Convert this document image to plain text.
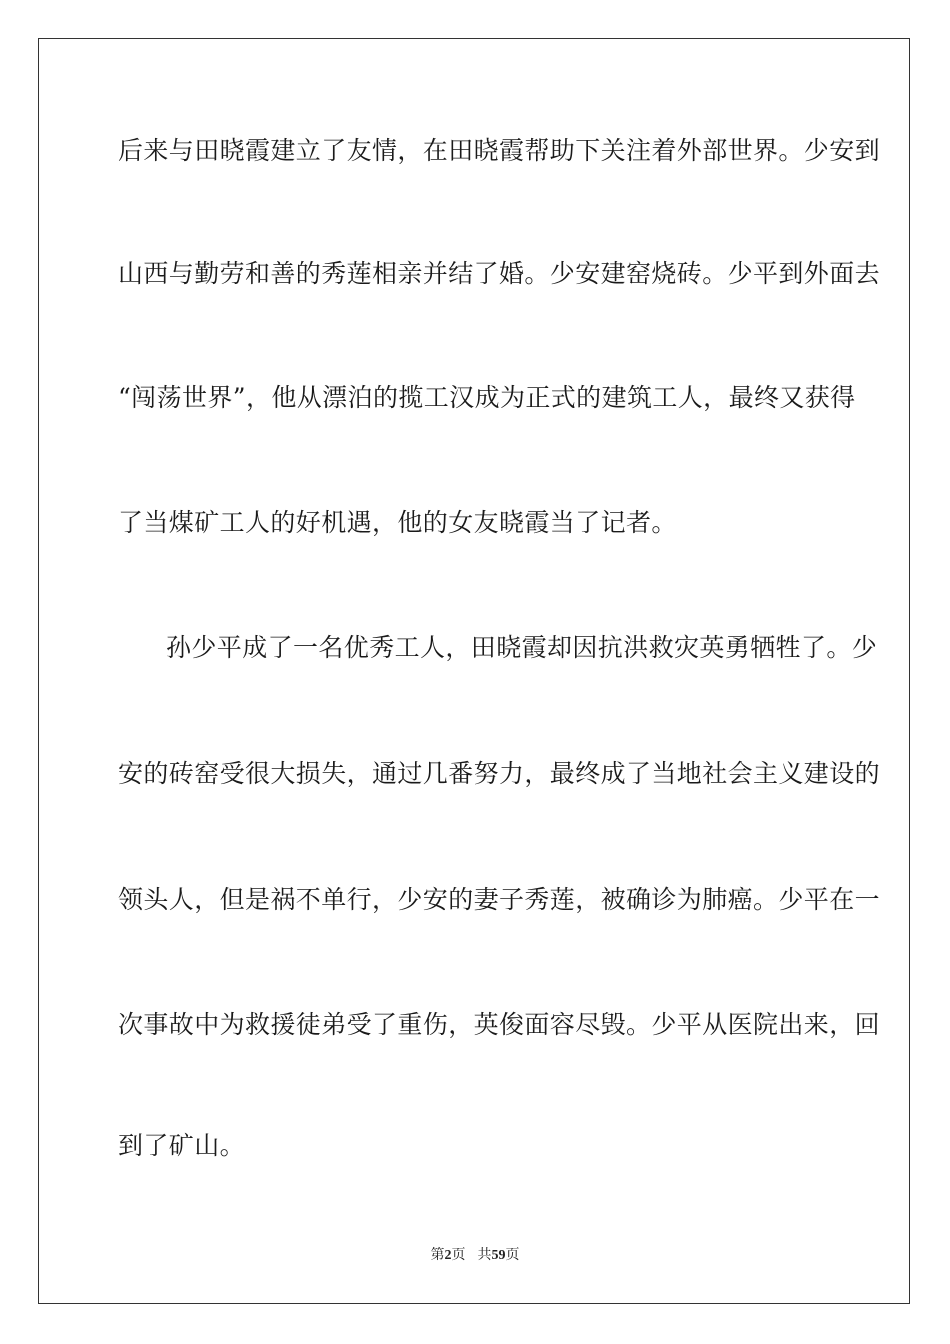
后来与田晓霞建立了友情，在田晓霞帮助下关注着外部世界。少安到
山西与勤劳和善的秀莲相亲并结了婚。少安建窑烧砖。少平到外面去
“闯荡世界”，他从漂泊的揽工汉成为正式的建筑工人，最终又获得
了当煤矿工人的好机遇，他的女友晓霞当了记者。
孙少平成了一名优秀工人，田晓霞却因抗洪救灾英勇牺牲了。少
安的砖窑受很大损失，通过几番努力，最终成了当地社会主义建设的
领头人，但是祸不单行，少安的妻子秀莲，被确诊为肺癌。少平在一
次事故中为救援徒弟受了重伤，英俊面容尽毁。少平从医院出来，回
到了矿山。
第2页 共59页
